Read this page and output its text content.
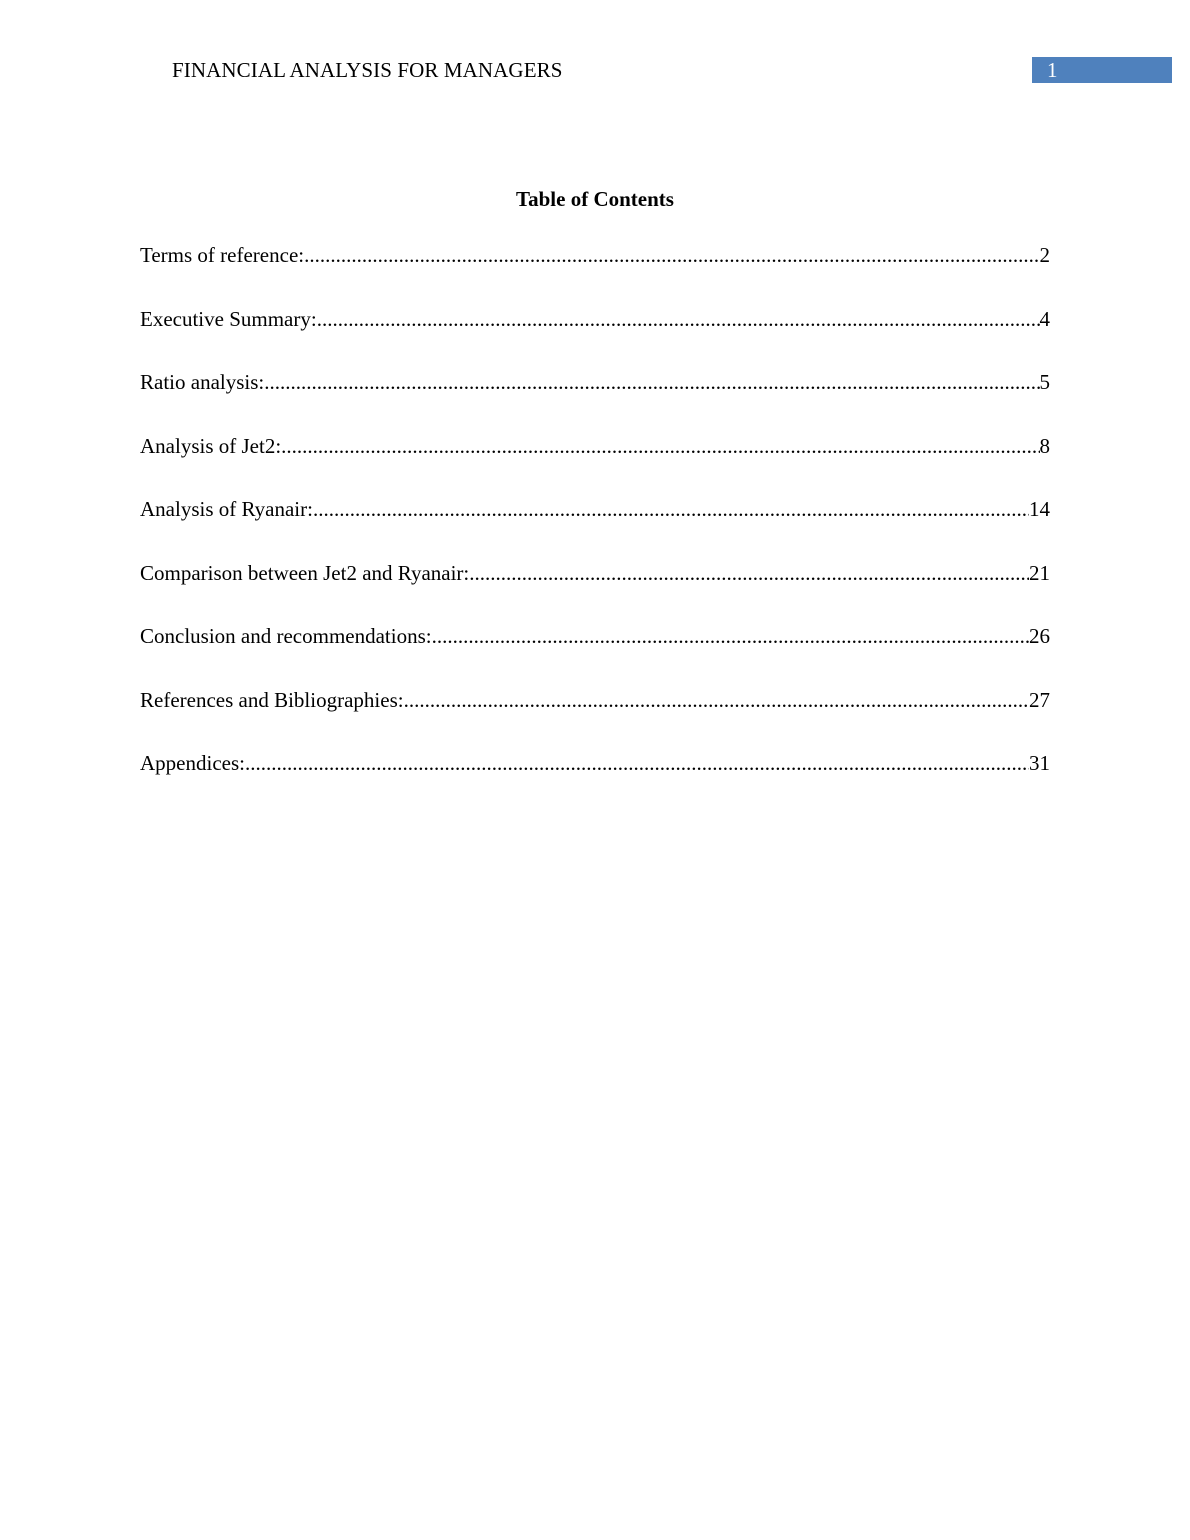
FINANCIAL ANALYSIS FOR MANAGERS	1
Table of Contents
Terms of reference: .....	2
Executive Summary: .....	4
Ratio analysis: .....	5
Analysis of Jet2: .....	8
Analysis of Ryanair: .....	14
Comparison between Jet2 and Ryanair: .....	21
Conclusion and recommendations: .....	26
References and Bibliographies: .....	27
Appendices: .....	31
